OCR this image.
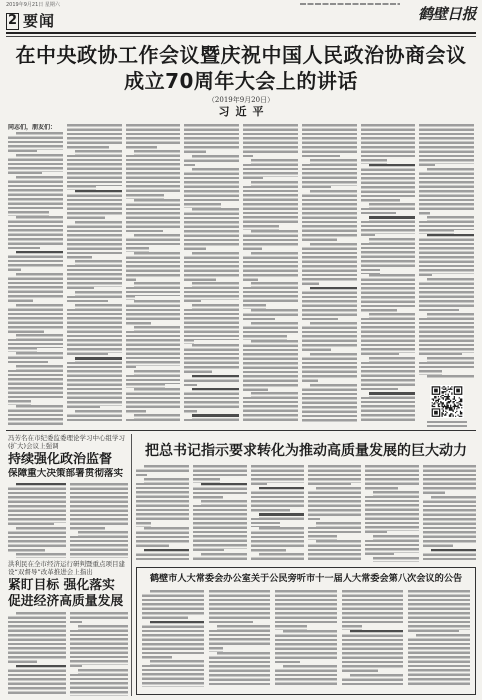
2019年9月21日 星期六	鹤壁日报
2 要闻
在中央政协工作会议暨庆祝中国人民政治协商会议
成立70周年大会上的讲话
（2019年9月20日）
习近平
同志们，朋友们：
冯芳名在市纪委监委理论学习中心组学习(扩大)会议上强调
持续强化政治监督
保障重大决策部署贯彻落实
洪利民在全市经济运行研判暨重点项目建设“双督导”改革推进会上指出
紧盯目标 强化落实
促进经济高质量发展
把总书记指示要求转化为推动高质量发展的巨大动力
鹤壁市人大常委会办公室关于公民旁听市十一届人大常委会第八次会议的公告
